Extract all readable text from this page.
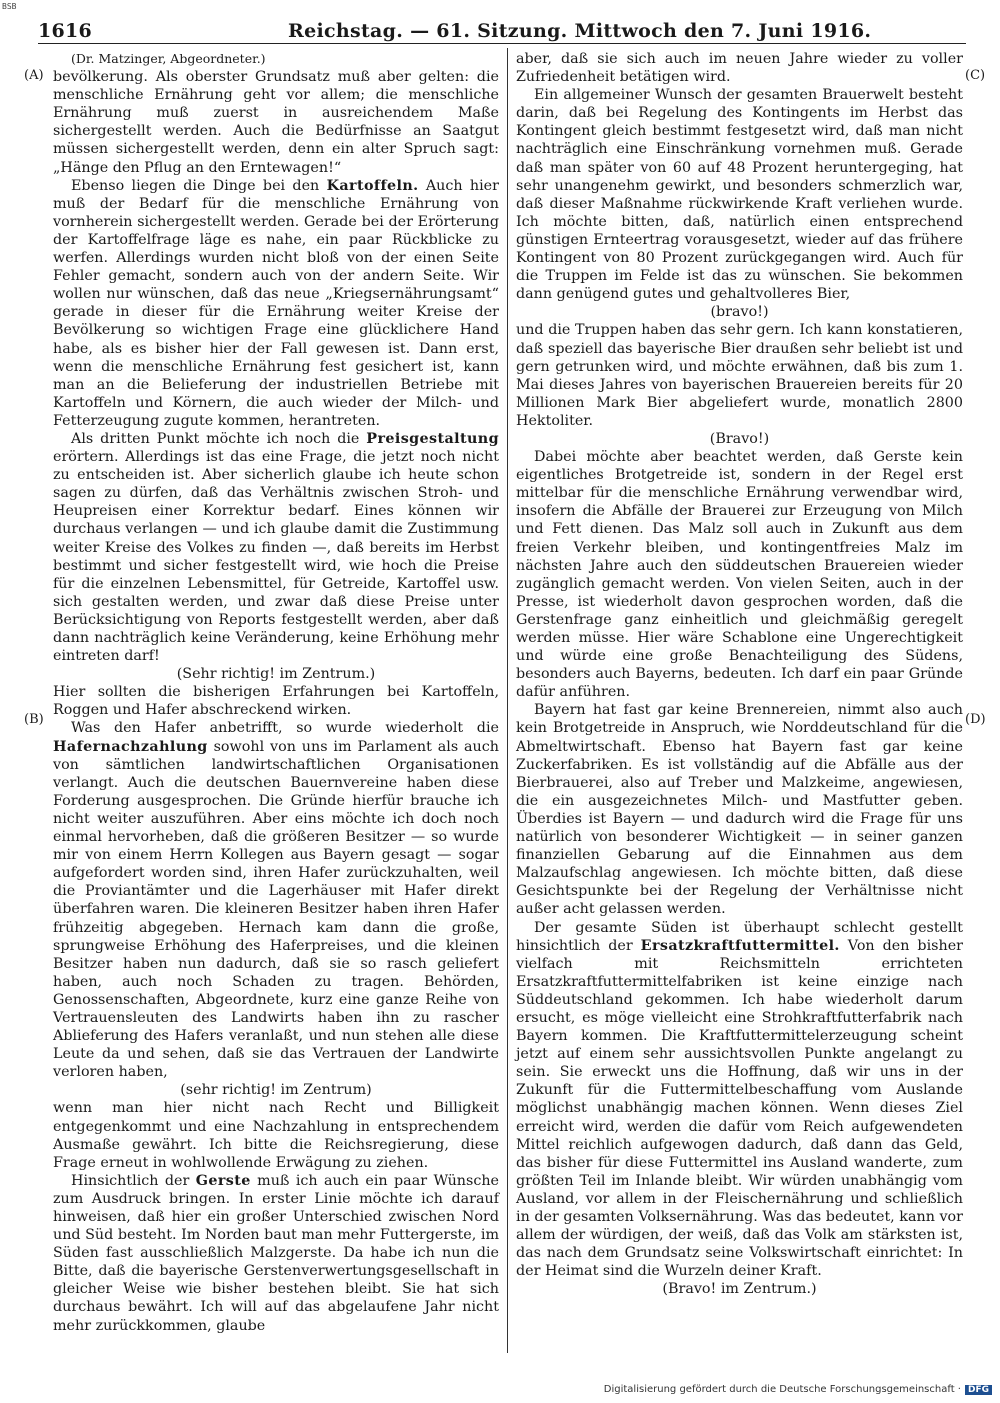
BSB
1616	Reichstag. — 61. Sitzung. Mittwoch den 7. Juni 1916.
(A)
(B)
(C)
(D)

(Dr. Matzinger, Abgeordneter.)

bevölkerung. Als oberster Grundsatz muß aber gelten: die menschliche Ernährung geht vor allem; die menschliche Ernährung muß zuerst in ausreichendem Maße sichergestellt werden. Auch die Bedürfnisse an Saatgut müssen sichergestellt werden, denn ein alter Spruch sagt: „Hänge den Pflug an den Erntewagen!“

Ebenso liegen die Dinge bei den Kartoffeln. Auch hier muß der Bedarf für die menschliche Ernährung von vornherein sichergestellt werden. Gerade bei der Erörterung der Kartoffelfrage läge es nahe, ein paar Rückblicke zu werfen. Allerdings wurden nicht bloß von der einen Seite Fehler gemacht, sondern auch von der andern Seite. Wir wollen nur wünschen, daß das neue „Kriegsernährungsamt“ gerade in dieser für die Ernährung weiter Kreise der Bevölkerung so wichtigen Frage eine glücklichere Hand habe, als es bisher hier der Fall gewesen ist. Dann erst, wenn die menschliche Ernährung fest gesichert ist, kann man an die Belieferung der industriellen Betriebe mit Kartoffeln und Körnern, die auch wieder der Milch- und Fetterzeugung zugute kommen, herantreten.

Als dritten Punkt möchte ich noch die Preisgestaltung erörtern. Allerdings ist das eine Frage, die jetzt noch nicht zu entscheiden ist. Aber sicherlich glaube ich heute schon sagen zu dürfen, daß das Verhältnis zwischen Stroh- und Heupreisen einer Korrektur bedarf. Eines können wir durchaus verlangen — und ich glaube damit die Zustimmung weiter Kreise des Volkes zu finden —, daß bereits im Herbst bestimmt und sicher festgestellt wird, wie hoch die Preise für die einzelnen Lebensmittel, für Getreide, Kartoffel usw. sich gestalten werden, und zwar daß diese Preise unter Berücksichtigung von Reports festgestellt werden, aber daß dann nachträglich keine Veränderung, keine Erhöhung mehr eintreten darf!

(Sehr richtig! im Zentrum.)

Hier sollten die bisherigen Erfahrungen bei Kartoffeln, Roggen und Hafer abschreckend wirken.

Was den Hafer anbetrifft, so wurde wiederholt die Hafernachzahlung sowohl von uns im Parlament als auch von sämtlichen landwirtschaftlichen Organisationen verlangt. Auch die deutschen Bauernvereine haben diese Forderung ausgesprochen. Die Gründe hierfür brauche ich nicht weiter auszuführen. Aber eins möchte ich doch noch einmal hervorheben, daß die größeren Besitzer — so wurde mir von einem Herrn Kollegen aus Bayern gesagt — sogar aufgefordert worden sind, ihren Hafer zurückzuhalten, weil die Proviantämter und die Lagerhäuser mit Hafer direkt überfahren waren. Die kleineren Besitzer haben ihren Hafer frühzeitig abgegeben. Hernach kam dann die große, sprungweise Erhöhung des Haferpreises, und die kleinen Besitzer haben nun dadurch, daß sie so rasch geliefert haben, auch noch Schaden zu tragen. Behörden, Genossenschaften, Abgeordnete, kurz eine ganze Reihe von Vertrauensleuten des Landwirts haben ihn zu rascher Ablieferung des Hafers veranlaßt, und nun stehen alle diese Leute da und sehen, daß sie das Vertrauen der Landwirte verloren haben,

(sehr richtig! im Zentrum)

wenn man hier nicht nach Recht und Billigkeit entgegenkommt und eine Nachzahlung in entsprechendem Ausmaße gewährt. Ich bitte die Reichsregierung, diese Frage erneut in wohlwollende Erwägung zu ziehen.

Hinsichtlich der Gerste muß ich auch ein paar Wünsche zum Ausdruck bringen. In erster Linie möchte ich darauf hinweisen, daß hier ein großer Unterschied zwischen Nord und Süd besteht. Im Norden baut man mehr Futtergerste, im Süden fast ausschließlich Malzgerste. Da habe ich nun die Bitte, daß die bayerische Gerstenverwertungsgesellschaft in gleicher Weise wie bisher bestehen bleibt. Sie hat sich durchaus bewährt. Ich will auf das abgelaufene Jahr nicht mehr zurückkommen, glaube

aber, daß sie sich auch im neuen Jahre wieder zu voller Zufriedenheit betätigen wird.

Ein allgemeiner Wunsch der gesamten Brauerwelt besteht darin, daß bei Regelung des Kontingents im Herbst das Kontingent gleich bestimmt festgesetzt wird, daß man nicht nachträglich eine Einschränkung vornehmen muß. Gerade daß man später von 60 auf 48 Prozent heruntergeging, hat sehr unangenehm gewirkt, und besonders schmerzlich war, daß dieser Maßnahme rückwirkende Kraft verliehen wurde. Ich möchte bitten, daß, natürlich einen entsprechend günstigen Ernteertrag vorausgesetzt, wieder auf das frühere Kontingent von 80 Prozent zurückgegangen wird. Auch für die Truppen im Felde ist das zu wünschen. Sie bekommen dann genügend gutes und gehaltvolleres Bier,

(bravo!)

und die Truppen haben das sehr gern. Ich kann konstatieren, daß speziell das bayerische Bier draußen sehr beliebt ist und gern getrunken wird, und möchte erwähnen, daß bis zum 1. Mai dieses Jahres von bayerischen Brauereien bereits für 20 Millionen Mark Bier abgeliefert wurde, monatlich 2800 Hektoliter.

(Bravo!)

Dabei möchte aber beachtet werden, daß Gerste kein eigentliches Brotgetreide ist, sondern in der Regel erst mittelbar für die menschliche Ernährung verwendbar wird, insofern die Abfälle der Brauerei zur Erzeugung von Milch und Fett dienen. Das Malz soll auch in Zukunft aus dem freien Verkehr bleiben, und kontingentfreies Malz im nächsten Jahre auch den süddeutschen Brauereien wieder zugänglich gemacht werden. Von vielen Seiten, auch in der Presse, ist wiederholt davon gesprochen worden, daß die Gerstenfrage ganz einheitlich und gleichmäßig geregelt werden müsse. Hier wäre Schablone eine Ungerechtigkeit und würde eine große Benachteiligung des Südens, besonders auch Bayerns, bedeuten. Ich darf ein paar Gründe dafür anführen.

Bayern hat fast gar keine Brennereien, nimmt also auch kein Brotgetreide in Anspruch, wie Norddeutschland für die Abmeltwirtschaft. Ebenso hat Bayern fast gar keine Zuckerfabriken. Es ist vollständig auf die Abfälle aus der Bierbrauerei, also auf Treber und Malzkeime, angewiesen, die ein ausgezeichnetes Milch- und Mastfutter geben. Überdies ist Bayern — und dadurch wird die Frage für uns natürlich von besonderer Wichtigkeit — in seiner ganzen finanziellen Gebarung auf die Einnahmen aus dem Malzaufschlag angewiesen. Ich möchte bitten, daß diese Gesichtspunkte bei der Regelung der Verhältnisse nicht außer acht gelassen werden.

Der gesamte Süden ist überhaupt schlecht gestellt hinsichtlich der Ersatzkraftfuttermittel. Von den bisher vielfach mit Reichsmitteln errichteten Ersatzkraftfuttermittelfabriken ist keine einzige nach Süddeutschland gekommen. Ich habe wiederholt darum ersucht, es möge vielleicht eine Strohkraftfutterfabrik nach Bayern kommen. Die Kraftfuttermittelerzeugung scheint jetzt auf einem sehr aussichtsvollen Punkte angelangt zu sein. Sie erweckt uns die Hoffnung, daß wir uns in der Zukunft für die Futtermittelbeschaffung vom Auslande möglichst unabhängig machen können. Wenn dieses Ziel erreicht wird, werden die dafür vom Reich aufgewendeten Mittel reichlich aufgewogen dadurch, daß dann das Geld, das bisher für diese Futtermittel ins Ausland wanderte, zum größten Teil im Inlande bleibt. Wir würden unabhängig vom Ausland, vor allem in der Fleischernährung und schließlich in der gesamten Volksernährung. Was das bedeutet, kann vor allem der würdigen, der weiß, daß das Volk am stärksten ist, das nach dem Grundsatz seine Volkswirtschaft einrichtet: In der Heimat sind die Wurzeln deiner Kraft.

(Bravo! im Zentrum.)

Digitalisierung gefördert durch die Deutsche Forschungsgemeinschaft · DFG
